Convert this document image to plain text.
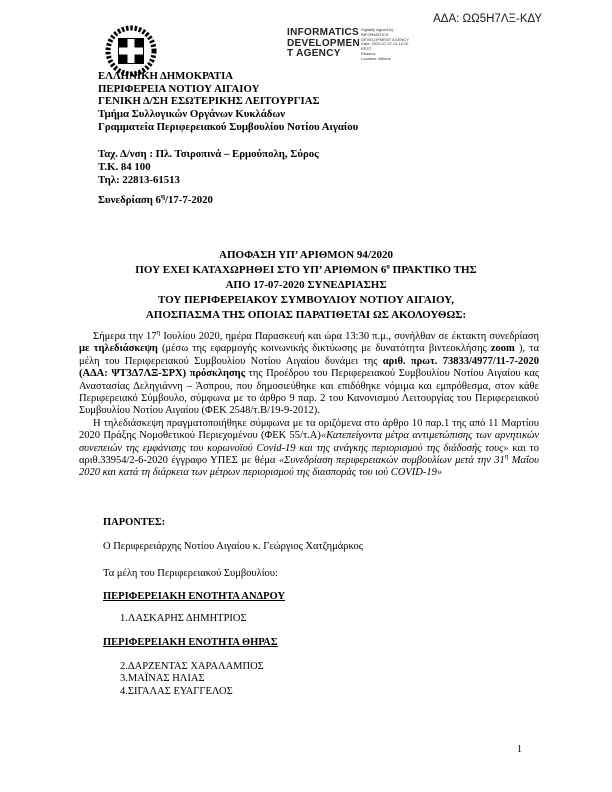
ΑΔΑ: ΩΩ5Η7ΛΞ-ΚΔΥ
INFORMATICS
DEVELOPMEN
T AGENCY
Digitally signed by
INFORMATICS
DEVELOPMENT AGENCY
Date: 2020.07.22 12:12:10
EEST
Reason:
Location: Athens
ΕΛΛΗΝΙΚΗ ΔΗΜΟΚΡΑΤΙΑ
ΠΕΡΙΦΕΡΕΙΑ ΝΟΤΙΟΥ ΑΙΓΑΙΟΥ
ΓΕΝΙΚΗ Δ/ΣΗ ΕΣΩΤΕΡΙΚΗΣ ΛΕΙΤΟΥΡΓΙΑΣ
Τμήμα Συλλογικών Οργάνων Κυκλάδων
Γραμματεία Περιφερειακού Συμβουλίου Νοτίου Αιγαίου
Ταχ. Δ/νση : Πλ. Τσιροπινά – Ερμούπολη, Σύρος
Τ.Κ. 84 100
Τηλ: 22813-61513
Συνεδρίαση $6^\eta/17-7-2020$
ΑΠΟΦΑΣΗ ΥΠ’ ΑΡΙΘΜΟΝ 94/2020
ΠΟΥ ΕΧΕΙ ΚΑΤΑΧΩΡΗΘΕΙ ΣΤΟ ΥΠ’ ΑΡΙΘΜΟΝ $6^o$ ΠΡΑΚΤΙΚΟ ΤΗΣ
ΑΠΟ 17-07-2020 ΣΥΝΕΔΡΙΑΣΗΣ
ΤΟΥ ΠΕΡΙΦΕΡΕΙΑΚΟΥ ΣΥΜΒΟΥΛΙΟΥ ΝΟΤΙΟΥ ΑΙΓΑΙΟΥ,
ΑΠΟΣΠΑΣΜΑ ΤΗΣ ΟΠΟΙΑΣ ΠΑΡΑΤΙΘΕΤΑΙ ΩΣ ΑΚΟΛΟΥΘΩΣ:

Σήμερα την $17^\eta$ Ιουλίου 2020, ημέρα Παρασκευή και ώρα 13:30 π.μ., συνήλθαν σε έκτακτη συνεδρίαση με τηλεδιάσκεψη (μέσω της εφαρμογής κοινωνικής δικτύωσης με δυνατότητα βιντεοκλήσης zoom ), τα μέλη του Περιφερειακού Συμβουλίου Νοτίου Αιγαίου δυνάμει της αριθ. πρωτ. 73833/4977/11-7-2020 (ΑΔΑ: ΨΤ3Δ7ΛΞ-ΣΡΧ) πρόσκλησης της Προέδρου του Περιφερειακού Συμβουλίου Νοτίου Αιγαίου κας Αναστασίας Δεληγιάννη – Άσπρου, που δημοσιεύθηκε και επιδόθηκε νόμιμα και εμπρόθεσμα, στον κάθε Περιφερειακό Σύμβουλο, σύμφωνα με το άρθρο 9 παρ. 2 του Κανονισμού Λειτουργίας του Περιφερειακού Συμβουλίου Νοτίου Αιγαίου (ΦΕΚ 2548/τ.Β/19-9-2012).

Η τηλεδιάσκεψη πραγματοποιήθηκε σύμφωνα με τα οριζόμενα στο άρθρο 10 παρ.1 της από 11 Μαρτίου 2020 Πράξης Νομοθετικού Περιεχομένου (ΦΕΚ 55/τ.Α)«Κατεπείγοντα μέτρα αντιμετώπισης των αρνητικών συνεπειών της εμφάνισης του κορωνοϊού Covid-19 και της ανάγκης περιορισμού της διάδοσής τους» και το αριθ.33954/2-6-2020 έγγραφο ΥΠΕΣ με θέμα «Συνεδρίαση περιφερειακών συμβουλίων μετά την $31^\eta$ Μαΐου 2020 και κατά τη διάρκεια των μέτρων περιορισμού της διασποράς του ιού COVID-19»

ΠΑΡΟΝΤΕΣ:
Ο Περιφερειάρχης Νοτίου Αιγαίου κ. Γεώργιος Χατζημάρκος
Τα μέλη του Περιφερειακού Συμβουλίου:
ΠΕΡΙΦΕΡΕΙΑΚΗ ΕΝΟΤΗΤΑ ΑΝΔΡΟΥ
1.ΛΑΣΚΑΡΗΣ ΔΗΜΗΤΡΙΟΣ
ΠΕΡΙΦΕΡΕΙΑΚΗ ΕΝΟΤΗΤΑ ΘΗΡΑΣ
2.ΔΑΡΖΕΝΤΑΣ ΧΑΡΑΛΑΜΠΟΣ
3.ΜΑΪΝΑΣ ΗΛΙΑΣ
4.ΣΙΓΑΛΑΣ ΕΥΑΓΓΕΛΟΣ
1
